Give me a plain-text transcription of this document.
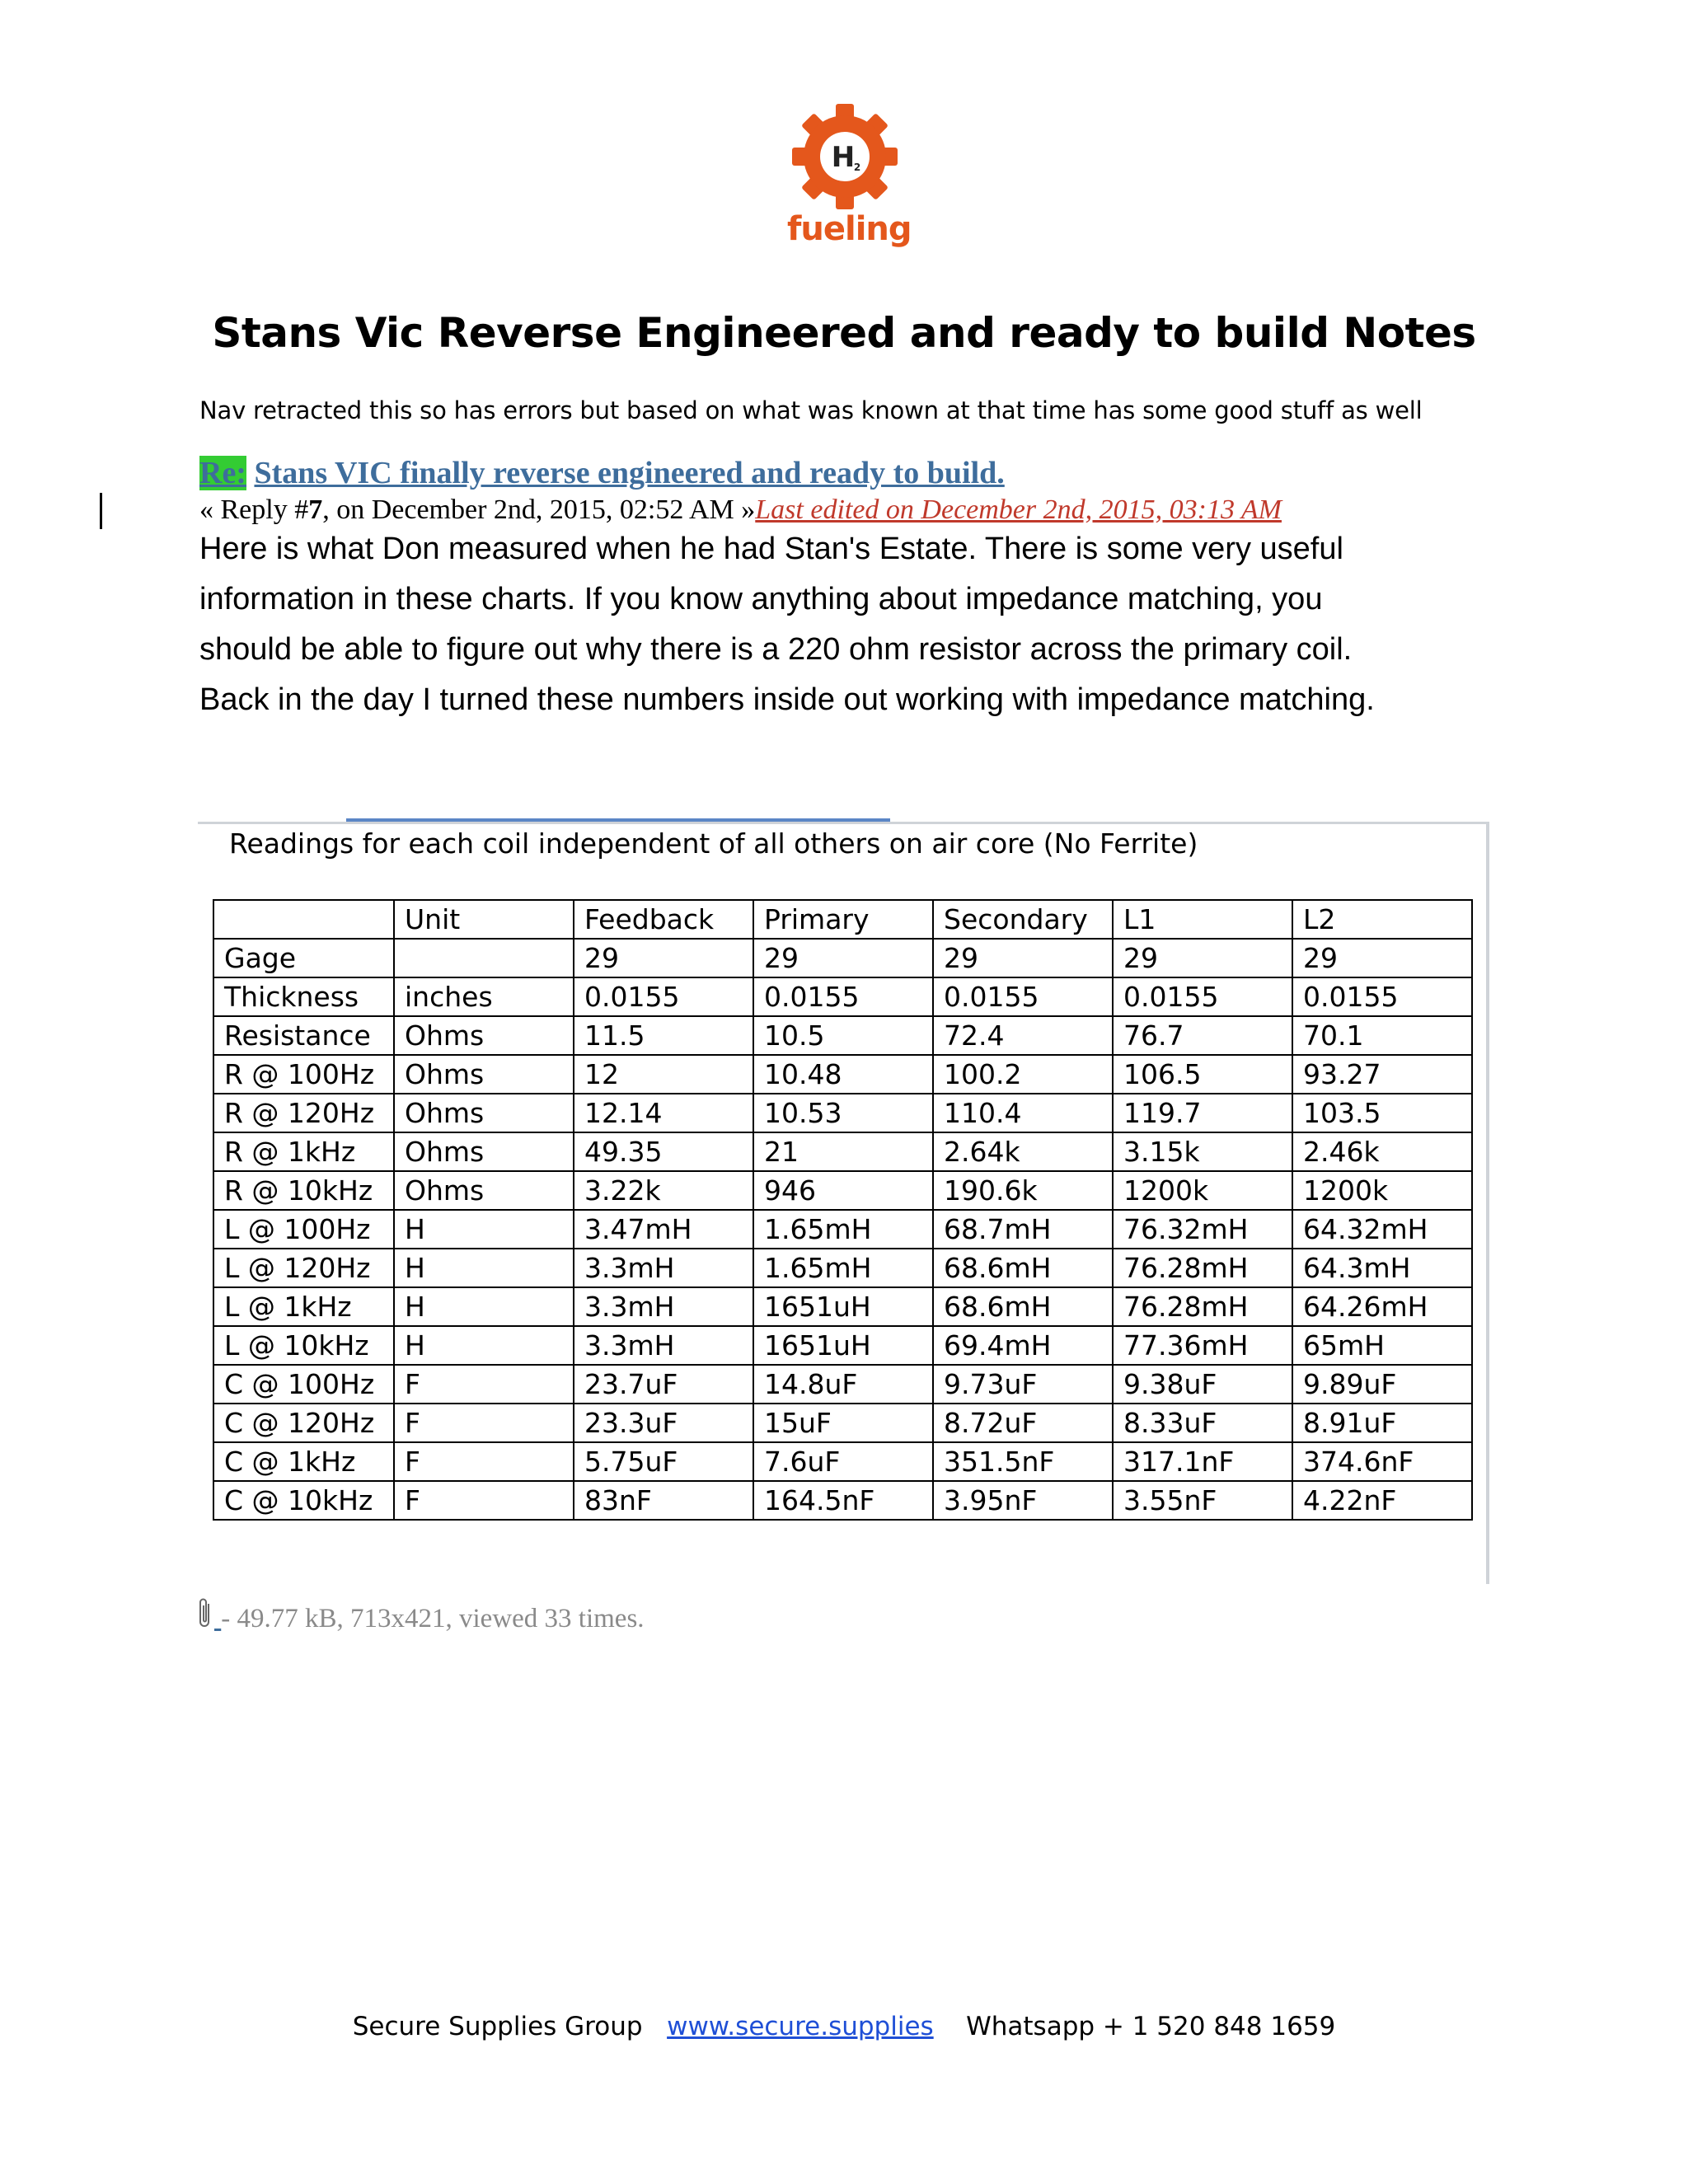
H
2
fueling
Stans Vic Reverse Engineered and ready to build Notes
Nav retracted this so has errors but based on what was known at that time has some good stuff as well
Re: Stans VIC finally reverse engineered and ready to build.
« Reply #7, on December 2nd, 2015, 02:52 AM »Last edited on December 2nd, 2015, 03:13 AM
Here is what Don measured when he had Stan's Estate. There is some very useful
information in these charts. If you know anything about impedance matching, you
should be able to figure out why there is a 220 ohm resistor across the primary coil.
Back in the day I turned these numbers inside out working with impedance matching.
Readings for each coil independent of all others on air core (No Ferrite)
	Unit	Feedback	Primary	Secondary	L1	L2
Gage		29	29	29	29	29
Thickness	inches	0.0155	0.0155	0.0155	0.0155	0.0155
Resistance	Ohms	11.5	10.5	72.4	76.7	70.1
R @ 100Hz	Ohms	12	10.48	100.2	106.5	93.27
R @ 120Hz	Ohms	12.14	10.53	110.4	119.7	103.5
R @ 1kHz	Ohms	49.35	21	2.64k	3.15k	2.46k
R @ 10kHz	Ohms	3.22k	946	190.6k	1200k	1200k
L @ 100Hz	H	3.47mH	1.65mH	68.7mH	76.32mH	64.32mH
L @ 120Hz	H	3.3mH	1.65mH	68.6mH	76.28mH	64.3mH
L @ 1kHz	H	3.3mH	1651uH	68.6mH	76.28mH	64.26mH
L @ 10kHz	H	3.3mH	1651uH	69.4mH	77.36mH	65mH
C @ 100Hz	F	23.7uF	14.8uF	9.73uF	9.38uF	9.89uF
C @ 120Hz	F	23.3uF	15uF	8.72uF	8.33uF	8.91uF
C @ 1kHz	F	5.75uF	7.6uF	351.5nF	317.1nF	374.6nF
C @ 10kHz	F	83nF	164.5nF	3.95nF	3.55nF	4.22nF
- 49.77 kB, 713x421, viewed 33 times.
Secure Supplies Group www.secure.supplies Whatsapp + 1 520 848 1659
